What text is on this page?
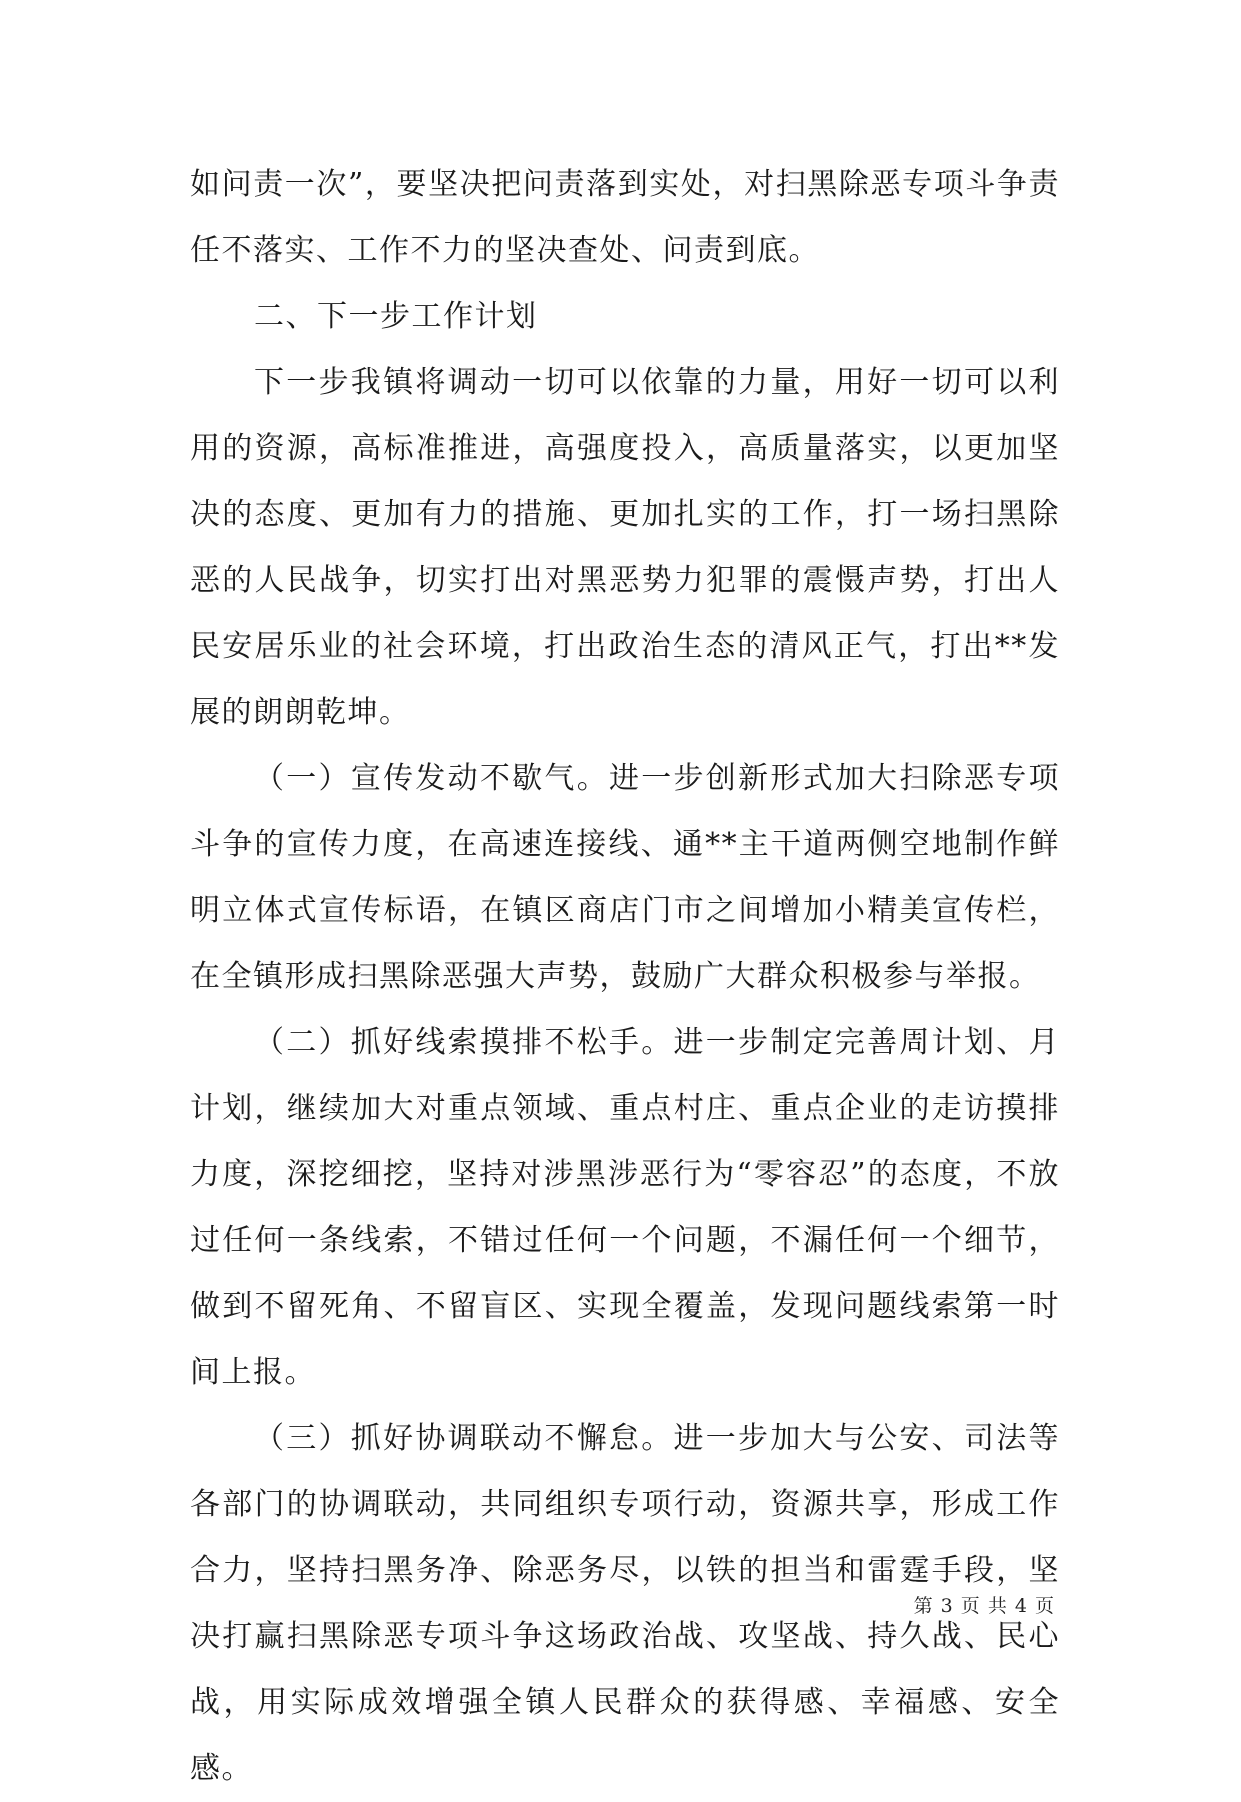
如问责一次”，要坚决把问责落到实处，对扫黑除恶专项斗争责任不落实、工作不力的坚决查处、问责到底。

二、下一步工作计划

下一步我镇将调动一切可以依靠的力量，用好一切可以利用的资源，高标准推进，高强度投入，高质量落实，以更加坚决的态度、更加有力的措施、更加扎实的工作，打一场扫黑除恶的人民战争，切实打出对黑恶势力犯罪的震慑声势，打出人民安居乐业的社会环境，打出政治生态的清风正气，打出**发展的朗朗乾坤。

（一）宣传发动不歇气。进一步创新形式加大扫除恶专项斗争的宣传力度，在高速连接线、通**主干道两侧空地制作鲜明立体式宣传标语，在镇区商店门市之间增加小精美宣传栏，在全镇形成扫黑除恶强大声势，鼓励广大群众积极参与举报。

（二）抓好线索摸排不松手。进一步制定完善周计划、月计划，继续加大对重点领域、重点村庄、重点企业的走访摸排力度，深挖细挖，坚持对涉黑涉恶行为“零容忍”的态度，不放过任何一条线索，不错过任何一个问题，不漏任何一个细节，做到不留死角、不留盲区、实现全覆盖，发现问题线索第一时间上报。

（三）抓好协调联动不懈怠。进一步加大与公安、司法等各部门的协调联动，共同组织专项行动，资源共享，形成工作合力，坚持扫黑务净、除恶务尽，以铁的担当和雷霆手段，坚决打赢扫黑除恶专项斗争这场政治战、攻坚战、持久战、民心战，用实际成效增强全镇人民群众的获得感、幸福感、安全感。

第 3 页 共 4 页
